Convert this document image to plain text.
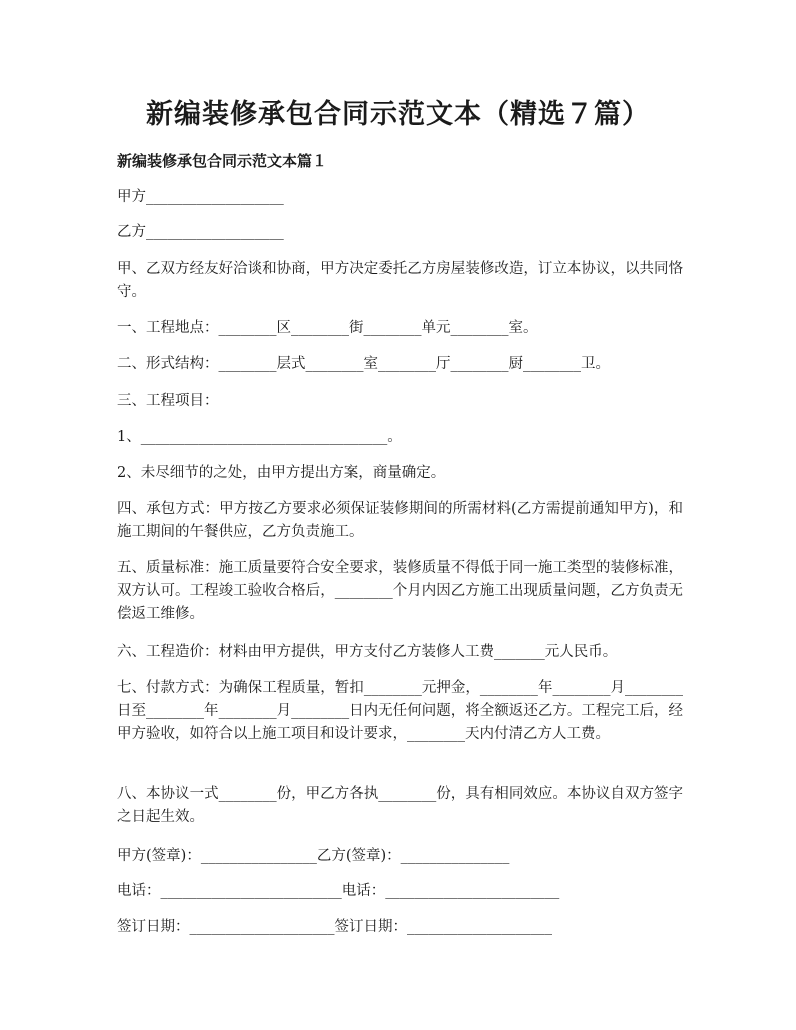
新编装修承包合同示范文本（精选７篇）
新编装修承包合同示范文本篇１

甲方___________________

乙方___________________

甲、乙双方经友好洽谈和协商，甲方决定委托乙方房屋装修改造，订立本协议，以共同恪守。

一、工程地点：________区________街________单元________室。

二、形式结构：________层式________室________厅________厨________卫。

三、工程项目：

1、__________________________________。

2、未尽细节的之处，由甲方提出方案，商量确定。

四、承包方式：甲方按乙方要求必须保证装修期间的所需材料(乙方需提前通知甲方)，和施工期间的午餐供应，乙方负责施工。

五、质量标准：施工质量要符合安全要求，装修质量不得低于同一施工类型的装修标准，双方认可。工程竣工验收合格后，________个月内因乙方施工出现质量问题，乙方负责无偿返工维修。

六、工程造价：材料由甲方提供，甲方支付乙方装修人工费_______元人民币。

七、付款方式：为确保工程质量，暂扣________元押金，________年________月________日至________年________月________日内无任何问题，将全额返还乙方。工程完工后，经甲方验收，如符合以上施工项目和设计要求，________天内付清乙方人工费。

八、本协议一式________份，甲乙方各执________份，具有相同效应。本协议自双方签字之日起生效。

甲方(签章)：________________乙方(签章)：_______________

电话：_________________________电话：________________________

签订日期：____________________签订日期：____________________
